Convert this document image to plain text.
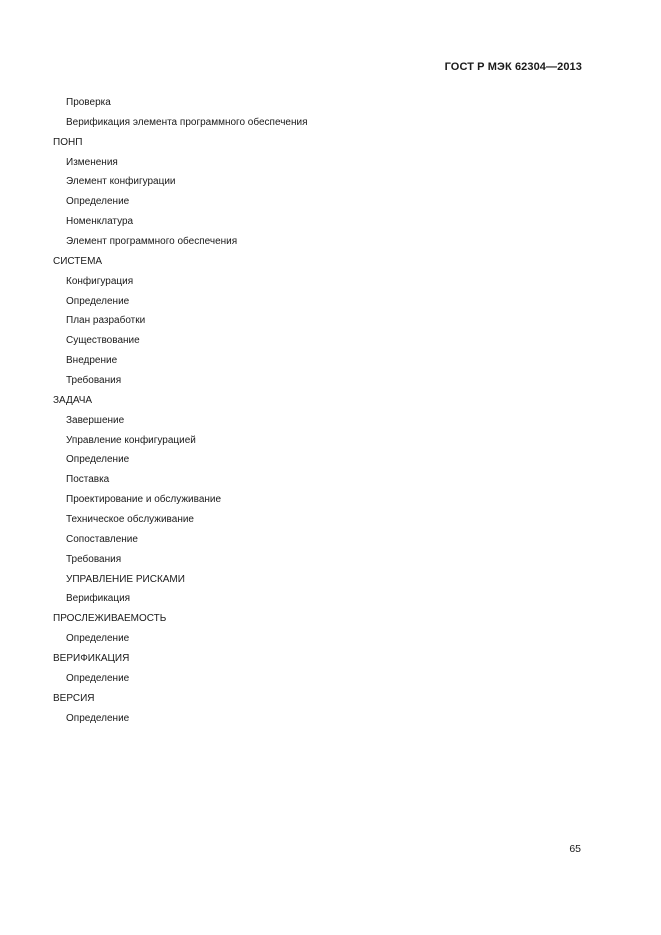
ГОСТ Р МЭК 62304—2013
Проверка
Верификация элемента программного обеспечения
ПОНП
Изменения
Элемент конфигурации
Определение
Номенклатура
Элемент программного обеспечения
СИСТЕМА
Конфигурация
Определение
План разработки
Существование
Внедрение
Требования
ЗАДАЧА
Завершение
Управление конфигурацией
Определение
Поставка
Проектирование и обслуживание
Техническое обслуживание
Сопоставление
Требования
УПРАВЛЕНИЕ РИСКАМИ
Верификация
ПРОСЛЕЖИВАЕМОСТЬ
Определение
ВЕРИФИКАЦИЯ
Определение
ВЕРСИЯ
Определение
65
